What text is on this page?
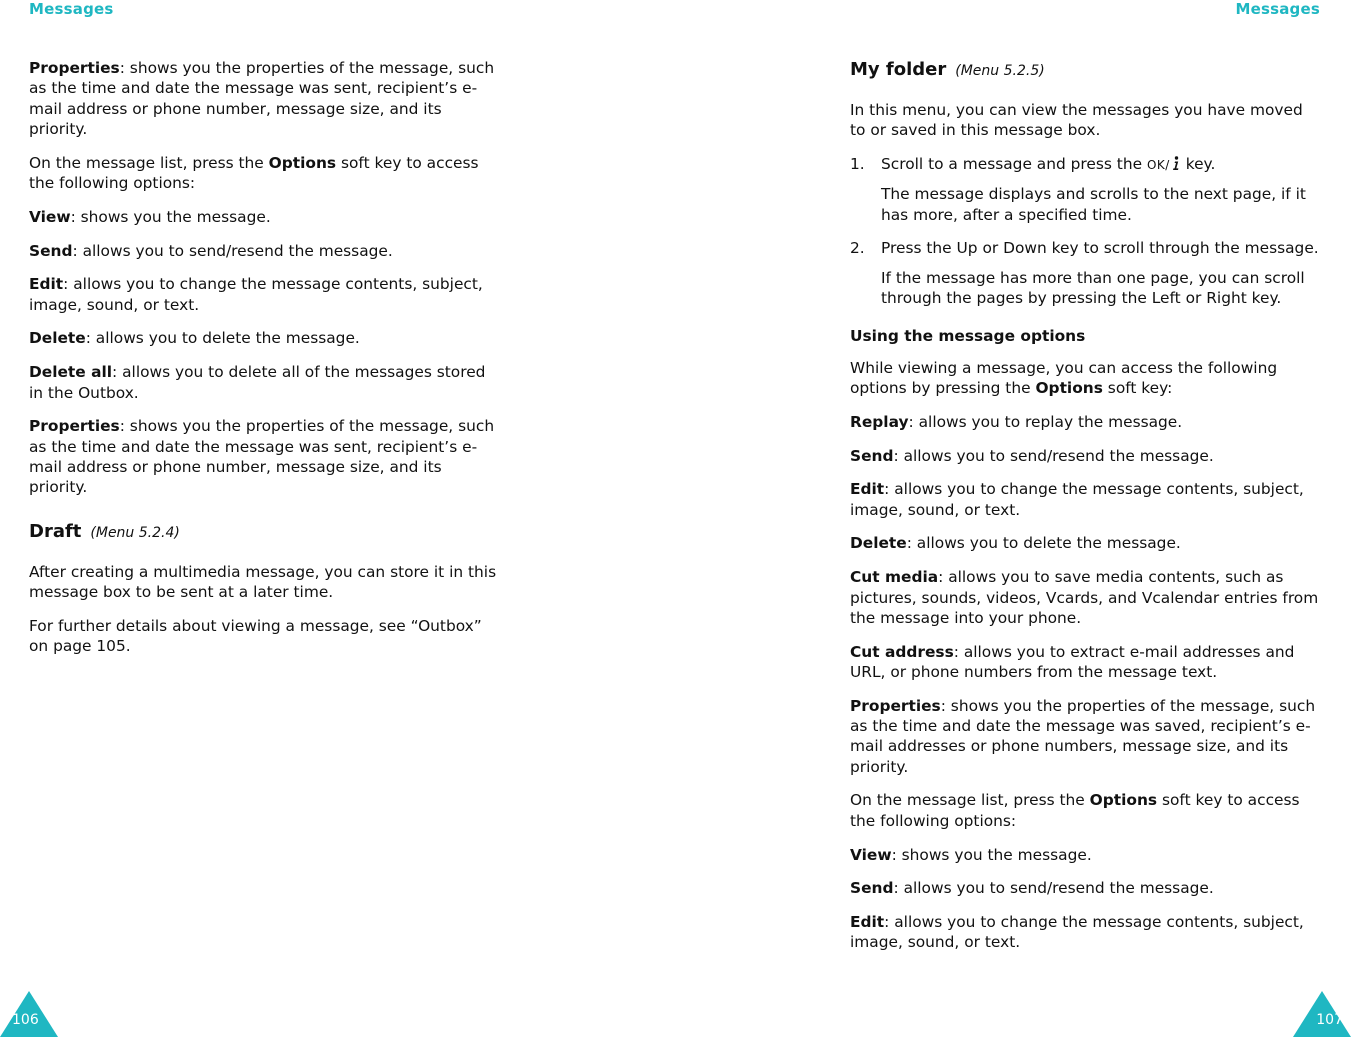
Messages

Properties: shows you the properties of the message, such as the time and date the message was sent, recipient’s e-mail address or phone number, message size, and its priority.

On the message list, press the Options soft key to access the following options:

View: shows you the message.

Send: allows you to send/resend the message.

Edit: allows you to change the message contents, subject, image, sound, or text.

Delete: allows you to delete the message.

Delete all: allows you to delete all of the messages stored in the Outbox.

Properties: shows you the properties of the message, such as the time and date the message was sent, recipient’s e-mail address or phone number, message size, and its priority.

Draft (Menu 5.2.4)

After creating a multimedia message, you can store it in this message box to be sent at a later time.

For further details about viewing a message, see “Outbox” on page 105.

106
Messages
My folder (Menu 5.2.5)

In this menu, you can view the messages you have moved to or saved in this message box.

1.	Scroll to a message and press the OK/ key.

The message displays and scrolls to the next page, if it has more, after a specified time.

2.	Press the Up or Down key to scroll through the message.

If the message has more than one page, you can scroll through the pages by pressing the Left or Right key.

Using the message options

While viewing a message, you can access the following options by pressing the Options soft key:

Replay: allows you to replay the message.

Send: allows you to send/resend the message.

Edit: allows you to change the message contents, subject, image, sound, or text.

Delete: allows you to delete the message.

Cut media: allows you to save media contents, such as pictures, sounds, videos, Vcards, and Vcalendar entries from the message into your phone.

Cut address: allows you to extract e-mail addresses and URL, or phone numbers from the message text.

Properties: shows you the properties of the message, such as the time and date the message was saved, recipient’s e-mail addresses or phone numbers, message size, and its priority.

On the message list, press the Options soft key to access the following options:

View: shows you the message.

Send: allows you to send/resend the message.

Edit: allows you to change the message contents, subject, image, sound, or text.

107
